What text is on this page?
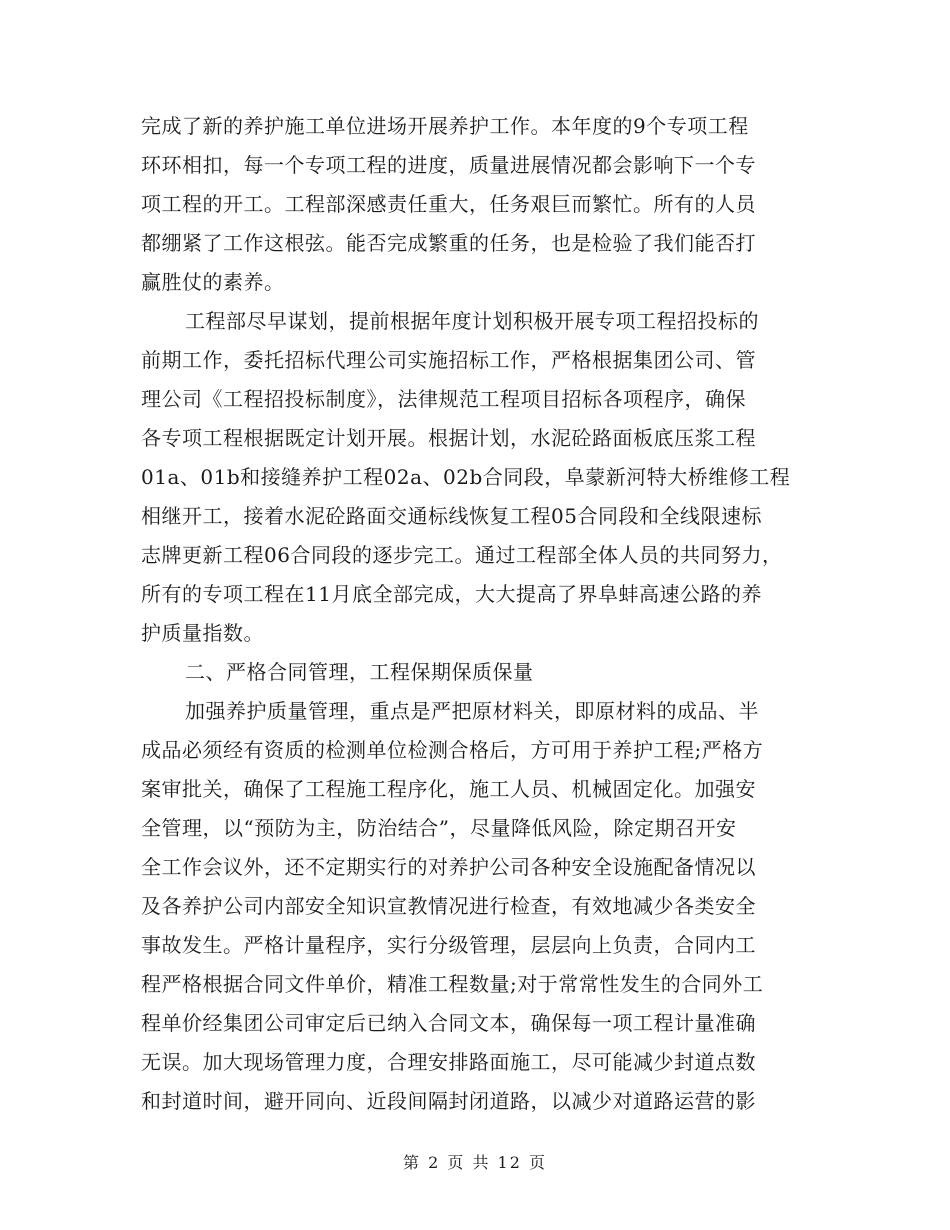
完成了新的养护施工单位进场开展养护工作。本年度的9个专项工程
环环相扣，每一个专项工程的进度，质量进展情况都会影响下一个专
项工程的开工。工程部深感责任重大，任务艰巨而繁忙。所有的人员
都绷紧了工作这根弦。能否完成繁重的任务，也是检验了我们能否打
赢胜仗的素养。
工程部尽早谋划，提前根据年度计划积极开展专项工程招投标的
前期工作，委托招标代理公司实施招标工作，严格根据集团公司、管
理公司《工程招投标制度》，法律规范工程项目招标各项程序，确保
各专项工程根据既定计划开展。根据计划，水泥砼路面板底压浆工程
01a、01b和接缝养护工程02a、02b合同段，阜蒙新河特大桥维修工程
相继开工，接着水泥砼路面交通标线恢复工程05合同段和全线限速标
志牌更新工程06合同段的逐步完工。通过工程部全体人员的共同努力，
所有的专项工程在11月底全部完成，大大提高了界阜蚌高速公路的养
护质量指数。
二、严格合同管理，工程保期保质保量
加强养护质量管理，重点是严把原材料关，即原材料的成品、半
成品必须经有资质的检测单位检测合格后，方可用于养护工程;严格方
案审批关，确保了工程施工程序化，施工人员、机械固定化。加强安
全管理，以“预防为主，防治结合”，尽量降低风险，除定期召开安
全工作会议外，还不定期实行的对养护公司各种安全设施配备情况以
及各养护公司内部安全知识宣教情况进行检查，有效地减少各类安全
事故发生。严格计量程序，实行分级管理，层层向上负责，合同内工
程严格根据合同文件单价，精准工程数量;对于常常性发生的合同外工
程单价经集团公司审定后已纳入合同文本，确保每一项工程计量准确
无误。加大现场管理力度，合理安排路面施工，尽可能减少封道点数
和封道时间，避开同向、近段间隔封闭道路，以减少对道路运营的影
第 2 页 共 12 页
